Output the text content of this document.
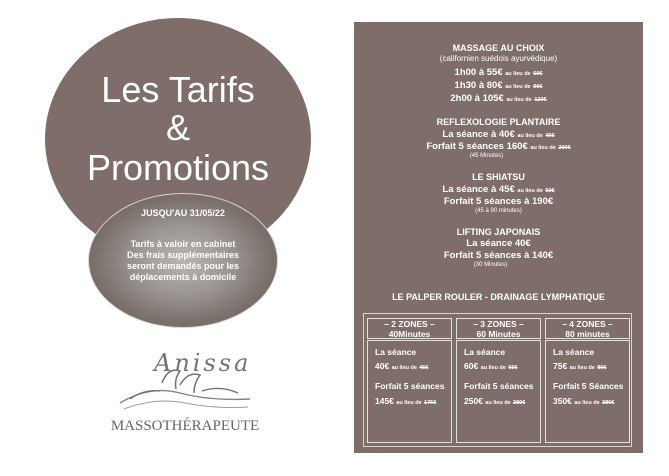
Les Tarifs
&
Promotions
JUSQU'AU 31/05/22
Tarifs à valoir en cabinet
Des frais supplémentaires
seront demandés pour les
déplacements à domicile
Anissa
MASSOTHÉRAPEUTE
MASSAGE AU CHOIX
(californien suédois ayurvédique)
1h00 à 55€ au lieu de 60€
1h30 à 80€ au lieu de 90€
2h00 à 105€ au lieu de 120€
REFLEXOLOGIE PLANTAIRE
La séance à 40€ au lieu de 45€
Forfait 5 séances 160€ au lieu de 200€
(45 Minutes)
LE SHIATSU
La séance à 45€ au lieu de 50€
Forfait 5 séances à 190€
(45 à 90 minutes)
LIFTING JAPONAIS
La séance 40€
Forfait 5 séances à 140€
(30 Minutes)
LE PALPER ROULER - DRAINAGE LYMPHATIQUE
– 2 ZONES –
40Minutes
La séance
40€ au lieu de 45€
Forfait 5 séances
145€ au lieu de 175€
– 3 ZONES –
60 Minutes
La séance
60€ au lieu de 65€
Forfait 5 séances
250€ au lieu de 280€
– 4 ZONES –
80 minutes
La séance
75€ au lieu de 80€
Forfait 5 Séances
350€ au lieu de 380€
